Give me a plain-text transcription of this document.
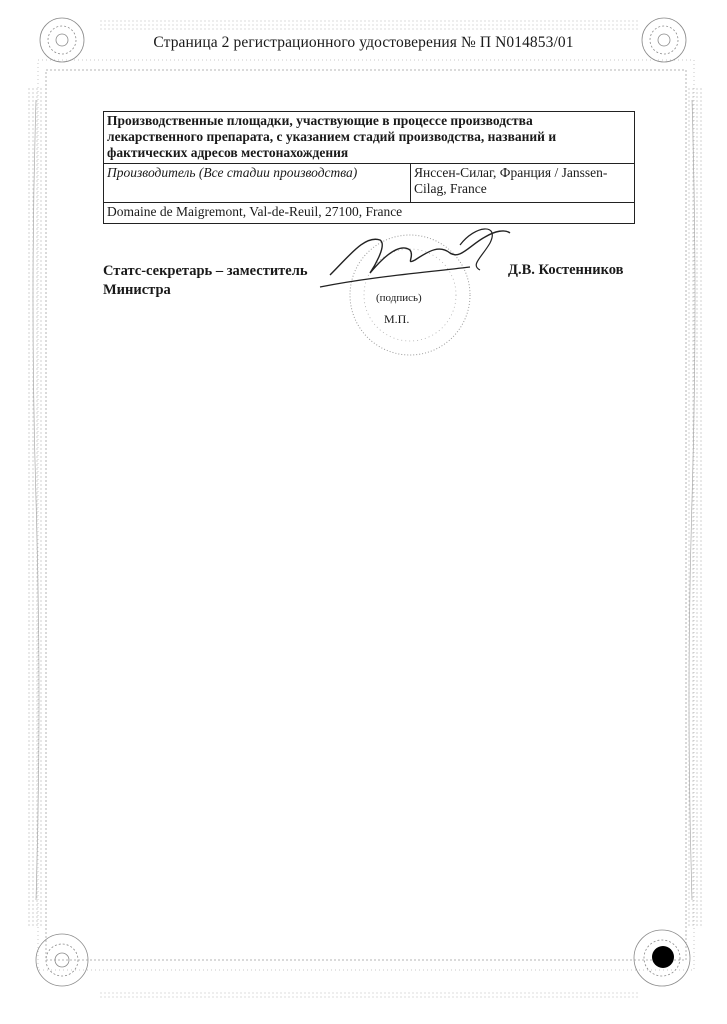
Страница 2 регистрационного удостоверения № П N014853/01
Производственные площадки, участвующие в процессе производства лекарственного препарата, с указанием стадий производства, названий и фактических адресов местонахождения
Производитель (Все стадии производства)	Янссен-Силаг, Франция / Janssen-Cilag, France
Domaine de Maigremont, Val-de-Reuil, 27100, France
Статс-секретарь – заместитель Министра
Д.В. Костенников
(подпись)
М.П.
